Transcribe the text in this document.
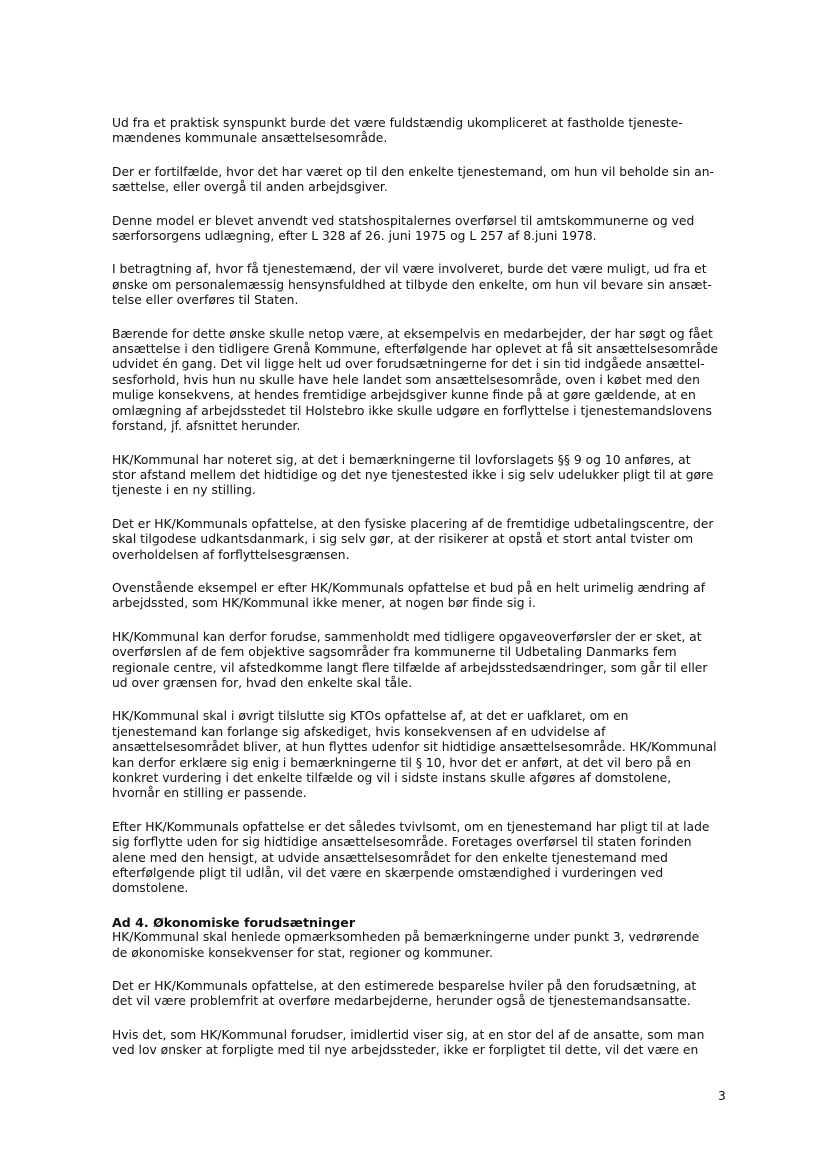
Ud fra et praktisk synspunkt burde det være fuldstændig ukompliceret at fastholde tjeneste-
mændenes kommunale ansættelsesområde.

Der er fortilfælde, hvor det har været op til den enkelte tjenestemand, om hun vil beholde sin an-
sættelse, eller overgå til anden arbejdsgiver.

Denne model er blevet anvendt ved statshospitalernes overførsel til amtskommunerne og ved
særforsorgens udlægning, efter L 328 af 26. juni 1975 og L 257 af 8.juni 1978.

I betragtning af, hvor få tjenestemænd, der vil være involveret, burde det være muligt, ud fra et
ønske om personalemæssig hensynsfuldhed at tilbyde den enkelte, om hun vil bevare sin ansæt-
telse eller overføres til Staten.

Bærende for dette ønske skulle netop være, at eksempelvis en medarbejder, der har søgt og fået
ansættelse i den tidligere Grenå Kommune, efterfølgende har oplevet at få sit ansættelsesområde
udvidet én gang. Det vil ligge helt ud over forudsætningerne for det i sin tid indgåede ansættel-
sesforhold, hvis hun nu skulle have hele landet som ansættelsesområde, oven i købet med den
mulige konsekvens, at hendes fremtidige arbejdsgiver kunne finde på at gøre gældende, at en
omlægning af arbejdsstedet til Holstebro ikke skulle udgøre en forflyttelse i tjenestemandslovens
forstand, jf. afsnittet herunder.

HK/Kommunal har noteret sig, at det i bemærkningerne til lovforslagets §§ 9 og 10 anføres, at
stor afstand mellem det hidtidige og det nye tjenestested ikke i sig selv udelukker pligt til at gøre
tjeneste i en ny stilling.

Det er HK/Kommunals opfattelse, at den fysiske placering af de fremtidige udbetalingscentre, der
skal tilgodese udkantsdanmark, i sig selv gør, at der risikerer at opstå et stort antal tvister om
overholdelsen af forflyttelsesgrænsen.

Ovenstående eksempel er efter HK/Kommunals opfattelse et bud på en helt urimelig ændring af
arbejdssted, som HK/Kommunal ikke mener, at nogen bør finde sig i.

HK/Kommunal kan derfor forudse, sammenholdt med tidligere opgaveoverførsler der er sket, at
overførslen af de fem objektive sagsområder fra kommunerne til Udbetaling Danmarks fem
regionale centre, vil afstedkomme langt flere tilfælde af arbejdsstedsændringer, som går til eller
ud over grænsen for, hvad den enkelte skal tåle.

HK/Kommunal skal i øvrigt tilslutte sig KTOs opfattelse af, at det er uafklaret, om en
tjenestemand kan forlange sig afskediget, hvis konsekvensen af en udvidelse af
ansættelsesområdet bliver, at hun flyttes udenfor sit hidtidige ansættelsesområde. HK/Kommunal
kan derfor erklære sig enig i bemærkningerne til § 10, hvor det er anført, at det vil bero på en
konkret vurdering i det enkelte tilfælde og vil i sidste instans skulle afgøres af domstolene,
hvornår en stilling er passende.

Efter HK/Kommunals opfattelse er det således tvivlsomt, om en tjenestemand har pligt til at lade
sig forflytte uden for sig hidtidige ansættelsesområde. Foretages overførsel til staten forinden
alene med den hensigt, at udvide ansættelsesområdet for den enkelte tjenestemand med
efterfølgende pligt til udlån, vil det være en skærpende omstændighed i vurderingen ved
domstolene.

Ad 4. Økonomiske forudsætninger

HK/Kommunal skal henlede opmærksomheden på bemærkningerne under punkt 3, vedrørende
de økonomiske konsekvenser for stat, regioner og kommuner.

Det er HK/Kommunals opfattelse, at den estimerede besparelse hviler på den forudsætning, at
det vil være problemfrit at overføre medarbejderne, herunder også de tjenestemandsansatte.

Hvis det, som HK/Kommunal forudser, imidlertid viser sig, at en stor del af de ansatte, som man
ved lov ønsker at forpligte med til nye arbejdssteder, ikke er forpligtet til dette, vil det være en

3
